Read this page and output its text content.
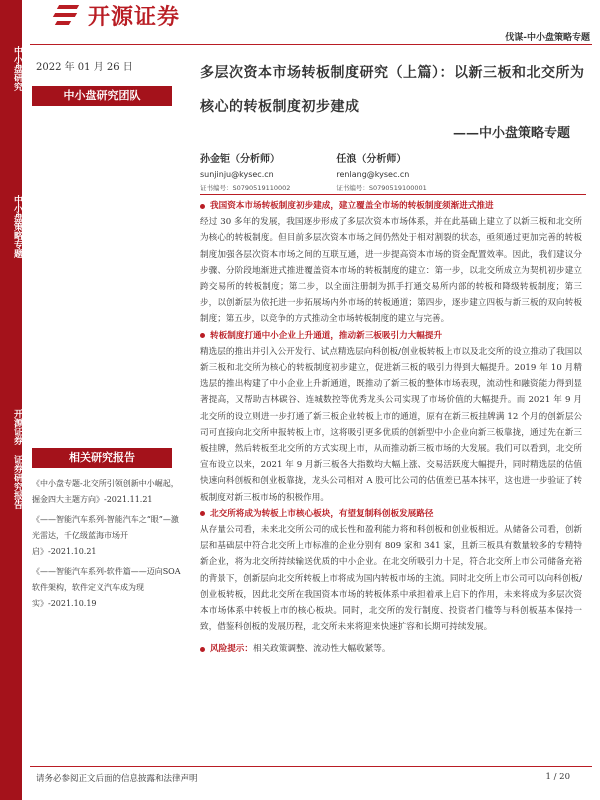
中小盘研究
中小盘策略专题
开源证券 证券研究报告
开源证券
伐谋-中小盘策略专题
2022 年 01 月 26 日
中小盘研究团队
多层次资本市场转板制度研究（上篇）：以新三板和北交所为核心的转板制度初步建成
——中小盘策略专题
孙金钜（分析师）
sunjinju@kysec.cn
证书编号：S0790519110002
任浪（分析师）
renlang@kysec.cn
证书编号：S0790519100001
我国资本市场转板制度初步建成，建立覆盖全市场的转板制度须渐进式推进

经过 30 多年的发展，我国逐步形成了多层次资本市场体系，并在此基础上建立了以新三板和北交所为核心的转板制度。但目前多层次资本市场之间仍然处于相对割裂的状态，亟须通过更加完善的转板制度加强各层次资本市场之间的互联互通，进一步提高资本市场的资金配置效率。因此，我们建议分步骤、分阶段地渐进式推进覆盖资本市场的转板制度的建立：第一步，以北交所成立为契机初步建立跨交易所的转板制度；第二步，以全面注册制为抓手打通交易所内部的转板和降级转板制度；第三步，以创新层为依托进一步拓展场内外市场的转板通道；第四步，逐步建立四板与新三板的双向转板制度；第五步，以竞争的方式推动全市场转板制度的建立与完善。

转板制度打通中小企业上升通道，推动新三板吸引力大幅提升

精选层的推出并引入公开发行、试点精选层向科创板/创业板转板上市以及北交所的设立推动了我国以新三板和北交所为核心的转板制度初步建立，促进新三板的吸引力得到大幅提升。2019 年 10 月精选层的推出构建了中小企业上升新通道，既推动了新三板的整体市场表现，流动性和融资能力得到显著提高，又帮助吉林碳谷、连城数控等优秀龙头公司实现了市场价值的大幅提升。而 2021 年 9 月北交所的设立则进一步打通了新三板企业转板上市的通道，原有在新三板挂牌满 12 个月的创新层公司可直接向北交所申报转板上市，这将吸引更多优质的创新型中小企业向新三板靠拢，通过先在新三板挂牌，然后转板至北交所的方式实现上市，从而推动新三板市场的大发展。我们可以看到，北交所宣布设立以来，2021 年 9 月新三板各大指数均大幅上涨、交易活跃度大幅提升，同时精选层的估值快速向科创板和创业板靠拢，龙头公司相对 A 股可比公司的估值差已基本抹平，这也进一步验证了转板制度对新三板市场的积极作用。

北交所将成为转板上市核心板块，有望复制科创板发展路径

从存量公司看，未来北交所公司的成长性和盈利能力将和科创板和创业板相近。从储备公司看，创新层和基础层中符合北交所上市标准的企业分别有 809 家和 341 家，且新三板具有数量较多的专精特新企业，将为北交所持续输送优质的中小企业。在北交所吸引力十足，符合北交所上市公司储备充裕的背景下，创新层向北交所转板上市将成为国内转板市场的主流。同时北交所上市公司可以向科创板/创业板转板，因此北交所在我国资本市场的转板体系中承担着承上启下的作用，未来将成为多层次资本市场体系中转板上市的核心板块。同时，北交所的发行制度、投资者门槛等与科创板基本保持一致，借鉴科创板的发展历程，北交所未来将迎来快速扩容和长期可持续发展。

风险提示： 相关政策调整、流动性大幅收紧等。
相关研究报告
《中小盘专题-北交所引领创新中小崛起，掘金四大主题方向》-2021.11.21
《——智能汽车系列-智能汽车之“眼”—激光雷达，千亿级蓝海市场开启》-2021.10.21
《——智能汽车系列-软件篇——迈向SOA 软件架构，软件定义汽车成为现实》-2021.10.19
请务必参阅正文后面的信息披露和法律声明	1 / 20
